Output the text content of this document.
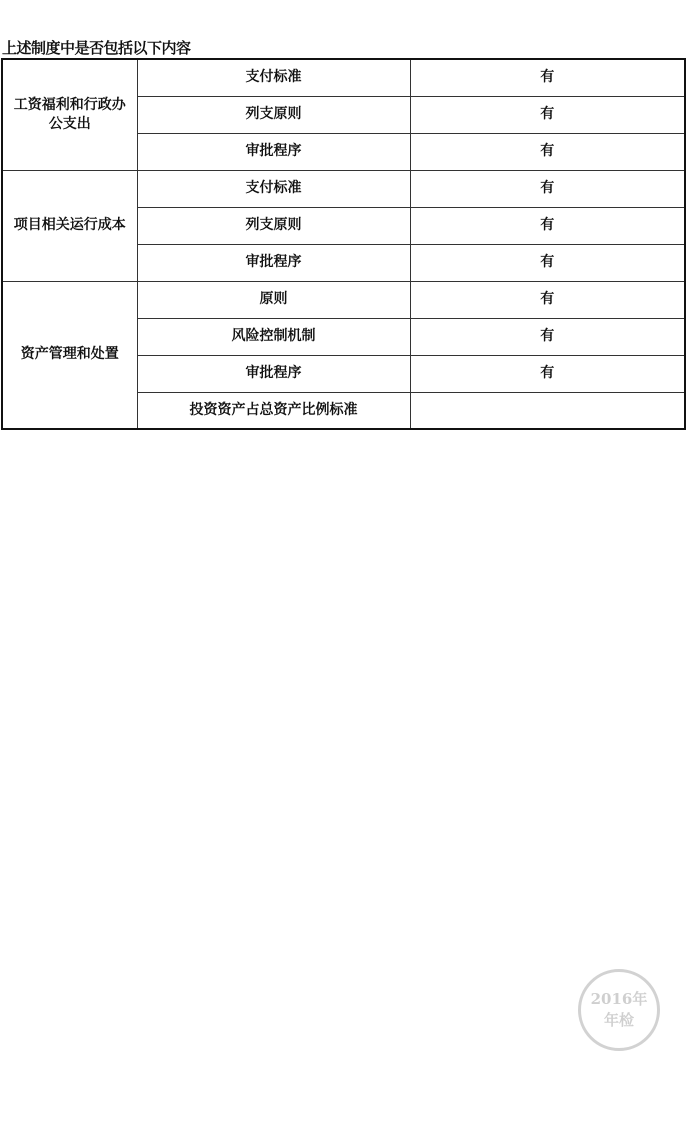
上述制度中是否包括以下内容
工资福利和行政办公支出	支付标准	有
	列支原则	有
	审批程序	有
项目相关运行成本	支付标准	有
	列支原则	有
	审批程序	有
资产管理和处置	原则	有
	风险控制机制	有
	审批程序	有
	投资资产占总资产比例标准	
2016年
年检
